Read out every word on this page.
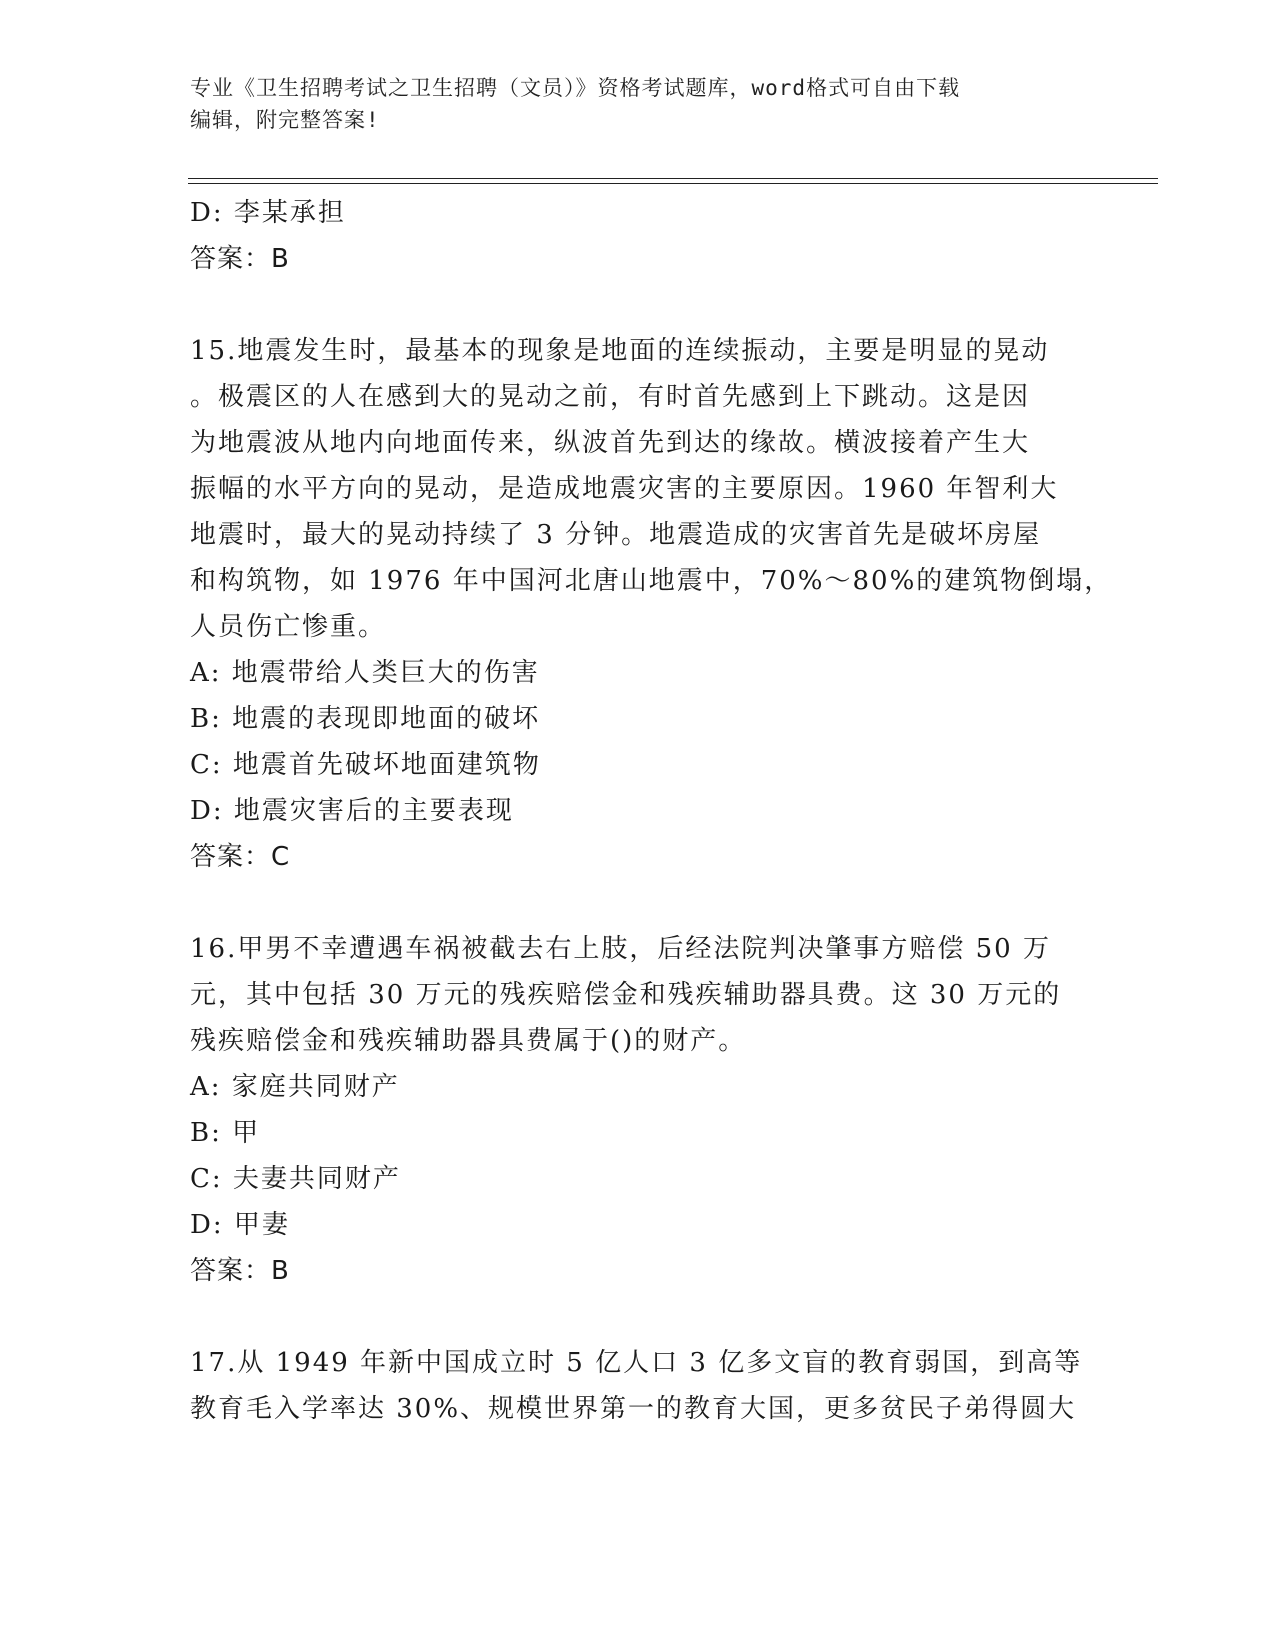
专业《卫生招聘考试之卫生招聘（文员）》资格考试题库，word格式可自由下载
编辑，附完整答案!
D: 李某承担
答案：B
15.地震发生时，最基本的现象是地面的连续振动，主要是明显的晃动
。极震区的人在感到大的晃动之前，有时首先感到上下跳动。这是因
为地震波从地内向地面传来，纵波首先到达的缘故。横波接着产生大
振幅的水平方向的晃动，是造成地震灾害的主要原因。1960 年智利大
地震时，最大的晃动持续了 3 分钟。地震造成的灾害首先是破坏房屋
和构筑物，如 1976 年中国河北唐山地震中，70%～80%的建筑物倒塌，
人员伤亡惨重。
A: 地震带给人类巨大的伤害
B: 地震的表现即地面的破坏
C: 地震首先破坏地面建筑物
D: 地震灾害后的主要表现
答案：C
16.甲男不幸遭遇车祸被截去右上肢，后经法院判决肇事方赔偿 50 万
元，其中包括 30 万元的残疾赔偿金和残疾辅助器具费。这 30 万元的
残疾赔偿金和残疾辅助器具费属于()的财产。
A: 家庭共同财产
B: 甲
C: 夫妻共同财产
D: 甲妻
答案：B
17.从 1949 年新中国成立时 5 亿人口 3 亿多文盲的教育弱国，到高等
教育毛入学率达 30%、规模世界第一的教育大国，更多贫民子弟得圆大
